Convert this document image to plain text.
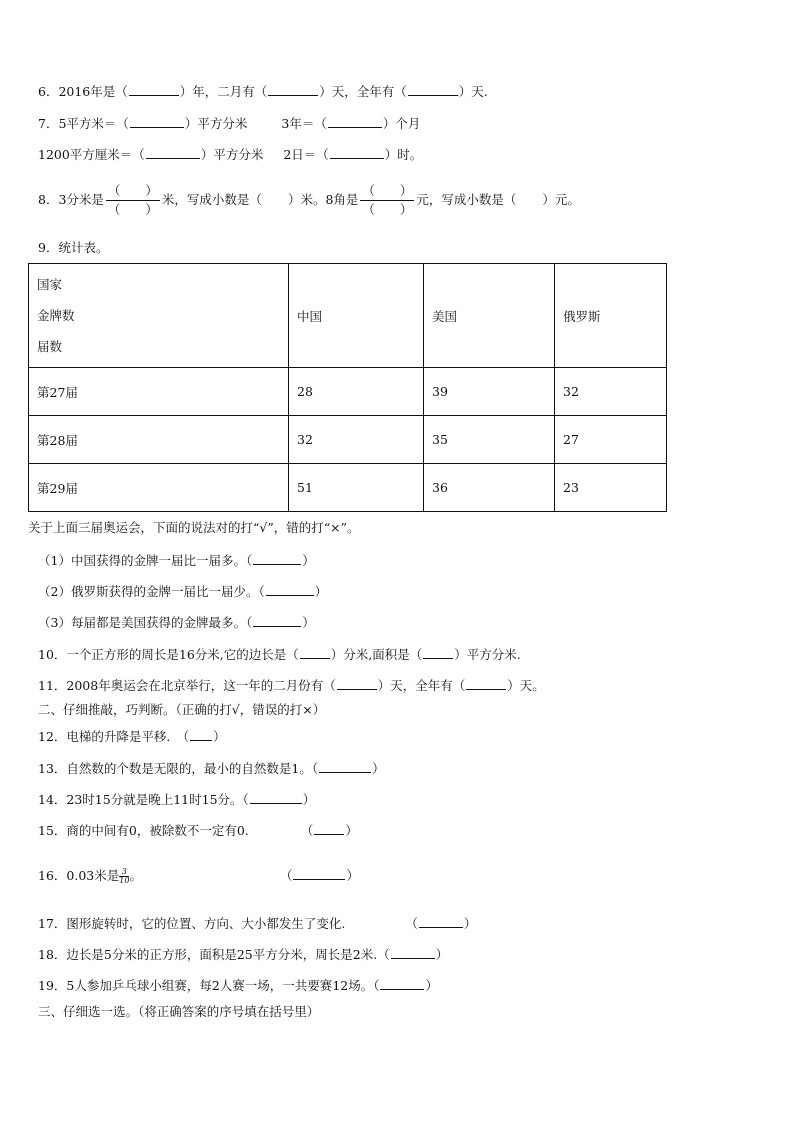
6．2016年是（	）年，二月有（	）天，全年有（	）天.
7．5平方米＝（	）平方分米	3年＝（	）个月
1200平方厘米＝（	）平方分米 2日＝（	）时。
8．3分米是 $\frac{( )}{( )}$ 米，写成小数是（ ）米。8角是 $\frac{( )}{( )}$ 元，写成小数是（ ）元。
9．统计表。
国家
金牌数
届数	中国	美国	俄罗斯
第27届	28	39	32
第28届	32	35	27
第29届	51	36	23
关于上面三届奥运会，下面的说法对的打“√”，错的打“×”。
（1）中国获得的金牌一届比一届多。（	）
（2）俄罗斯获得的金牌一届比一届少。（	）
（3）每届都是美国获得的金牌最多。（	）
10．一个正方形的周长是16分米,它的边长是（	）分米,面积是（	）平方分米.
11．2008年奥运会在北京举行，这一年的二月份有（	）天，全年有（	）天。
二、仔细推敲，巧判断。（正确的打√，错误的打×）
12．电梯的升降是平移.　（ ）
13．自然数的个数是无限的，最小的自然数是1。（	）
14．23时15分就是晚上11时15分。（	）
15．商的中间有0，被除数不一定有0.	（	）
16．0.03米是 $\frac{3}{10}$ 。	（	）
17．图形旋转时，它的位置、方向、大小都发生了变化.	（	）
18．边长是5分米的正方形，面积是25平方分米，周长是2米.（	）
19．5人参加乒乓球小组赛，每2人赛一场，一共要赛12场。（	）
三、仔细选一选。（将正确答案的序号填在括号里）
